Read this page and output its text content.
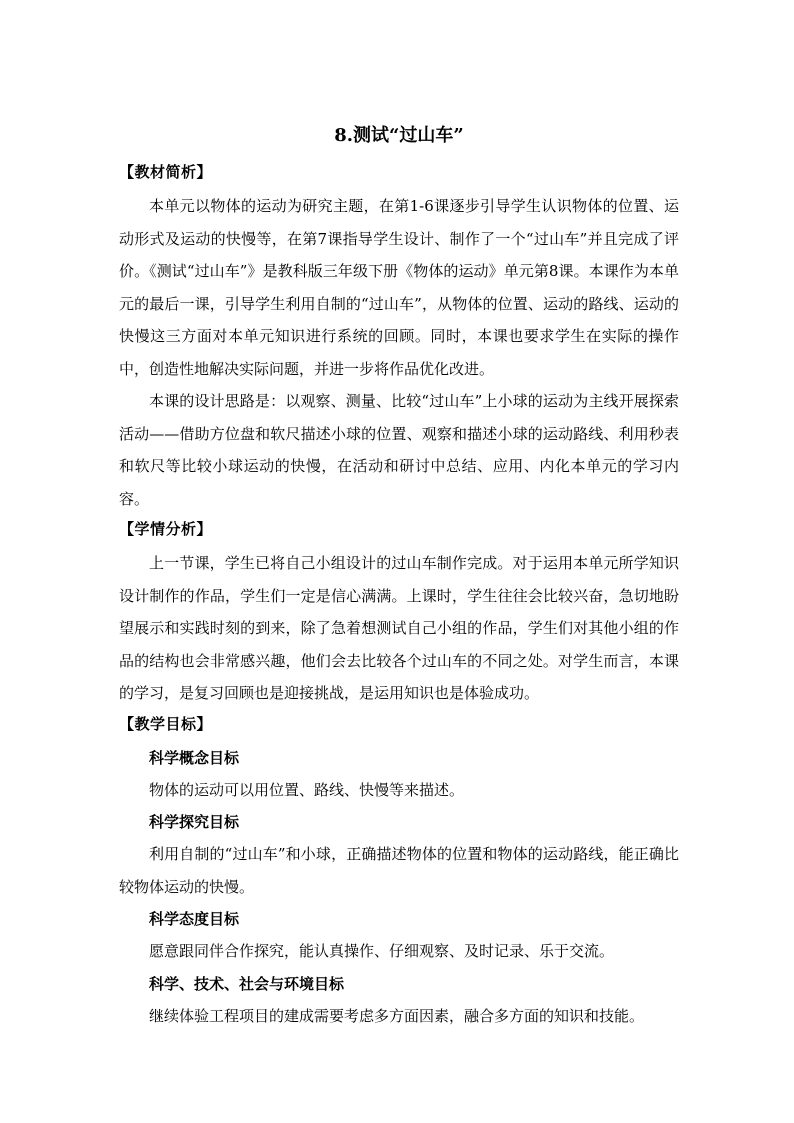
8.测试“过山车”
【教材简析】

本单元以物体的运动为研究主题，在第1-6课逐步引导学生认识物体的位置、运动形式及运动的快慢等，在第7课指导学生设计、制作了一个“过山车”并且完成了评价。《测试“过山车”》是教科版三年级下册《物体的运动》单元第8课。本课作为本单元的最后一课，引导学生利用自制的“过山车”，从物体的位置、运动的路线、运动的快慢这三方面对本单元知识进行系统的回顾。同时，本课也要求学生在实际的操作中，创造性地解决实际问题，并进一步将作品优化改进。

本课的设计思路是：以观察、测量、比较“过山车”上小球的运动为主线开展探索活动——借助方位盘和软尺描述小球的位置、观察和描述小球的运动路线、利用秒表和软尺等比较小球运动的快慢，在活动和研讨中总结、应用、内化本单元的学习内容。

【学情分析】

上一节课，学生已将自己小组设计的过山车制作完成。对于运用本单元所学知识设计制作的作品，学生们一定是信心满满。上课时，学生往往会比较兴奋，急切地盼望展示和实践时刻的到来，除了急着想测试自己小组的作品，学生们对其他小组的作品的结构也会非常感兴趣，他们会去比较各个过山车的不同之处。对学生而言，本课的学习，是复习回顾也是迎接挑战，是运用知识也是体验成功。

【教学目标】
科学概念目标

物体的运动可以用位置、路线、快慢等来描述。

科学探究目标

利用自制的“过山车”和小球，正确描述物体的位置和物体的运动路线，能正确比较物体运动的快慢。

科学态度目标

愿意跟同伴合作探究，能认真操作、仔细观察、及时记录、乐于交流。

科学、技术、社会与环境目标

继续体验工程项目的建成需要考虑多方面因素，融合多方面的知识和技能。
